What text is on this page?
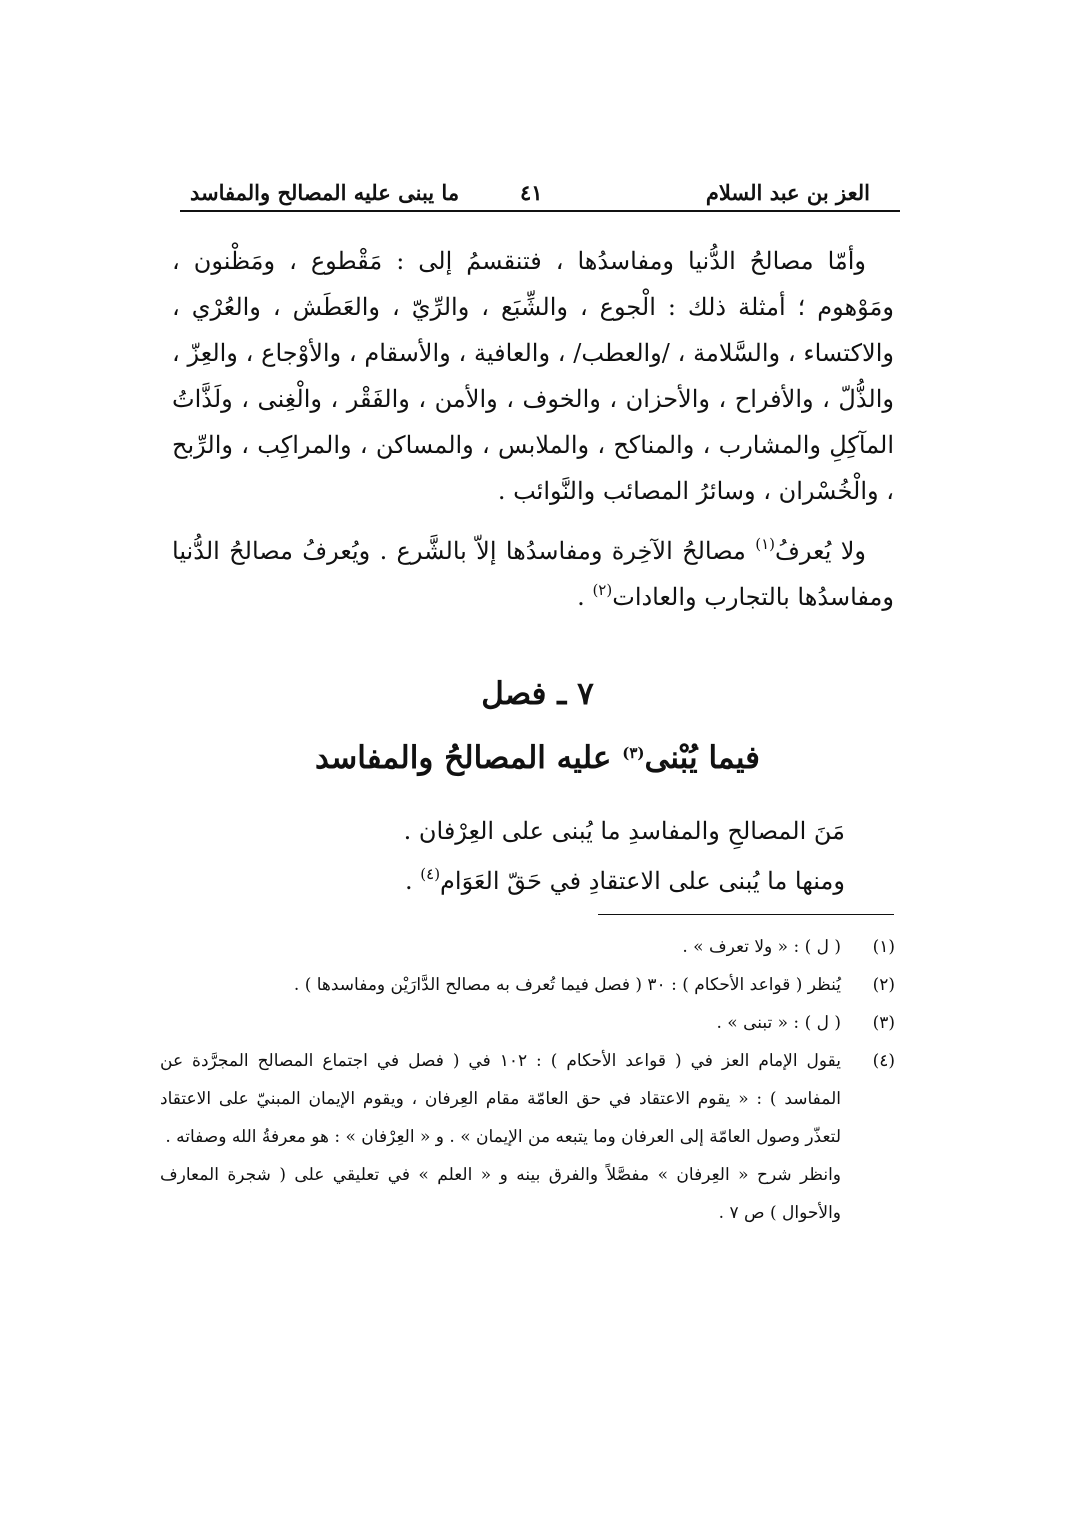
العز بن عبد السلام
٤١
ما يبنى عليه المصالح والمفاسد

وأمّا مصالحُ الدُّنيا ومفاسدُها ، فتنقسمُ إلى : مَقْطوع ، ومَظْنون ، ومَوْهوم ؛ أمثلة ذلك : الْجوع ، والشِّبَع ، والرِّيّ ، والعَطَش ، والعُرْي ، والاكتساء ، والسَّلامة ، /والعطب/ ، والعافية ، والأسقام ، والأوْجاع ، والعِزّ ، والذُّلّ ، والأفراح ، والأحزان ، والخوف ، والأمن ، والفَقْر ، والْغِنى ، ولَذَّاتُ المآكِلِ والمشارب ، والمناكح ، والملابس ، والمساكن ، والمراكِب ، والرِّبح ، والْخُسْران ، وسائرُ المصائب والنَّوائب .

ولا يُعرفُ$^{(١)}$ مصالحُ الآخِرة ومفاسدُها إلاّ بالشَّرع . ويُعرفُ مصالحُ الدُّنيا ومفاسدُها بالتجارب والعادات$^{(٢)}$ .

٧ ـ فصل
فيما يُبْنى$^{(٣)}$ عليه المصالحُ والمفاسد
مَنَ المصالحِ والمفاسدِ ما يُبنى على العِرْفان .
ومنها ما يُبنى على الاعتقادِ في حَقّ العَوَام$^{(٤)}$ .
(١)
( ل ) : « ولا تعرف » .
(٢)
يُنظر ( قواعد الأحكام ) : ٣٠ ( فصل فيما تُعرف به مصالح الدَّارَيْن ومفاسدها ) .
(٣)
( ل ) : « تبنى » .
(٤)
يقول الإمام العز في ( قواعد الأحكام ) : ١٠٢ في ( فصل في اجتماع المصالح المجرَّدة عن المفاسد ) : « يقوم الاعتقاد في حق العامّة مقام العِرفان ، ويقوم الإيمان المبنيّ على الاعتقاد لتعذّر وصول العامّة إلى العرفان وما يتبعه من الإيمان » . و « العِرْفان » : هو معرفةُ الله وصفاته .
وانظر شرح « العِرفان » مفصَّلاً والفرق بينه و « العلم » في تعليقي على ( شجرة المعارف والأحوال ) ص ٧ .
